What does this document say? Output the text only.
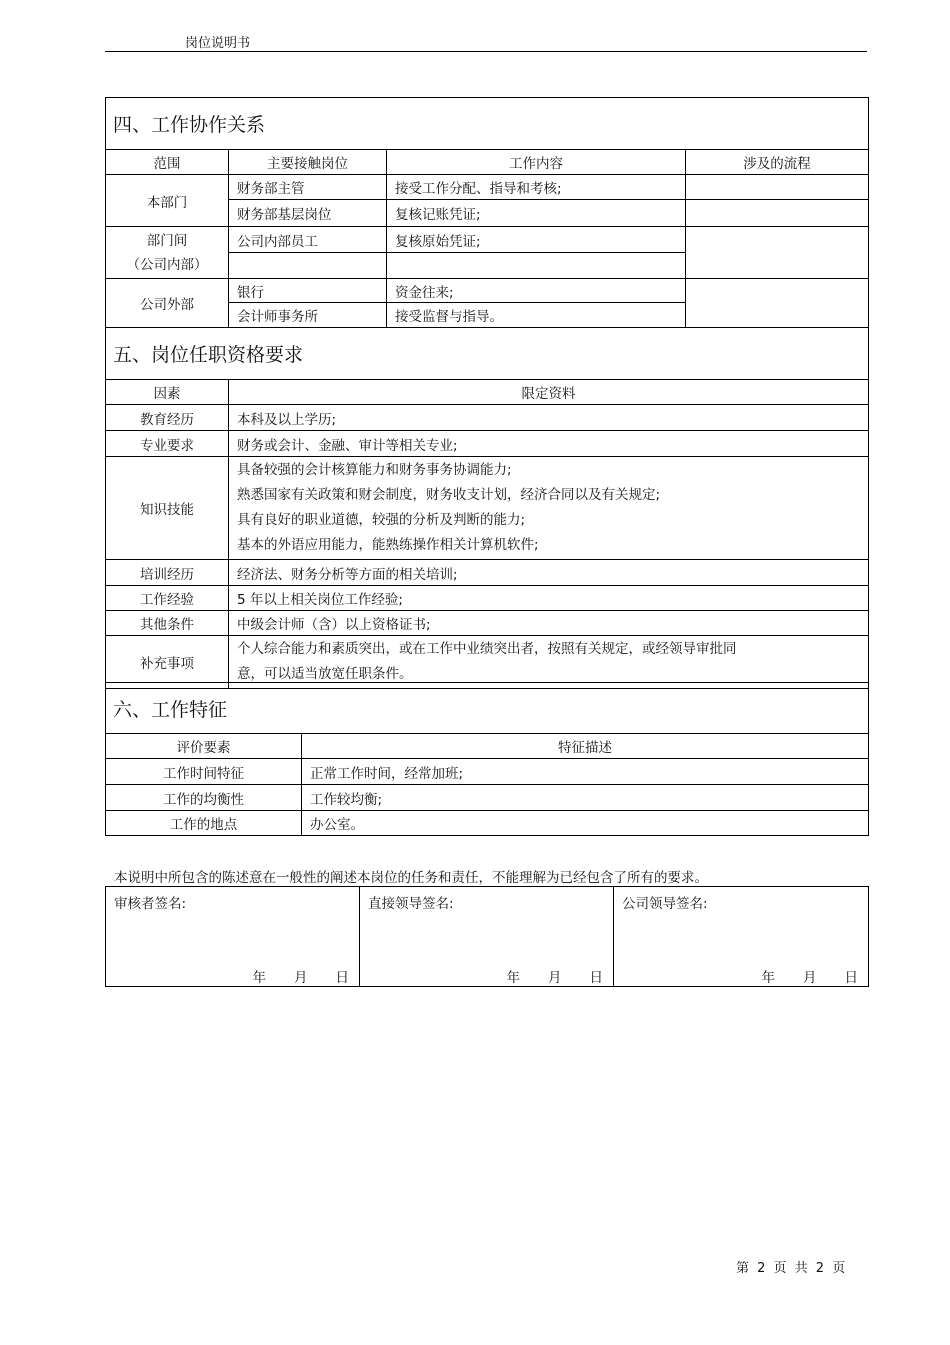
岗位说明书
四、工作协作关系			
范围	主要接触岗位	工作内容	涉及的流程
本部门	财务部主管	接受工作分配、指导和考核;	
	财务部基层岗位	复核记账凭证;	

部门间
（公司内部）	公司内部员工	复核原始凭证;	

公司外部	银行	资金往来;	
	会计师事务所	接受监督与指导。	
五、岗位任职资格要求	
因素	限定资料
教育经历	本科及以上学历;
专业要求	财务或会计、金融、审计等相关专业;
知识技能	具备较强的会计核算能力和财务事务协调能力;
熟悉国家有关政策和财会制度，财务收支计划，经济合同以及有关规定;
具有良好的职业道德，较强的分析及判断的能力;
基本的外语应用能力，能熟练操作相关计算机软件;

培训经历	经济法、财务分析等方面的相关培训;
工作经验	5 年以上相关岗位工作经验;
其他条件	中级会计师（含）以上资格证书;
补充事项	个人综合能力和素质突出，或在工作中业绩突出者，按照有关规定，或经领导审批同
意，可以适当放宽任职条件。
六、工作特征	
评价要素	特征描述
工作时间特征	正常工作时间，经常加班;
工作的均衡性	工作较均衡;
工作的地点	办公室。
本说明中所包含的陈述意在一般性的阐述本岗位的任务和责任，不能理解为已经包含了所有的要求。
审核者签名:
年 月 日

直接领导签名:
年 月 日

公司领导签名:
年 月 日
第 2 页 共 2 页
